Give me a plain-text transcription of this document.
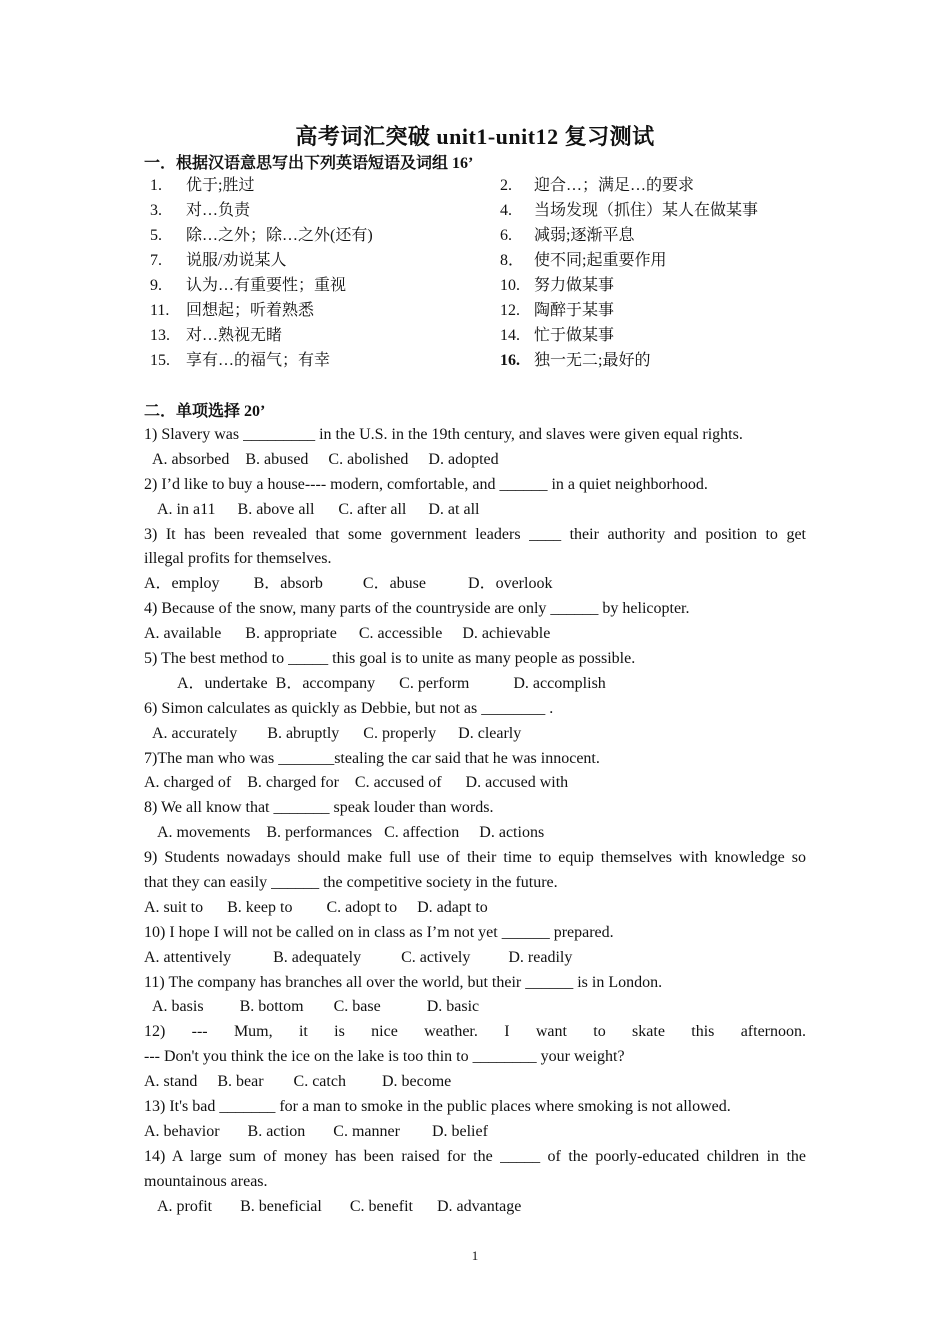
高考词汇突破 unit1-unit12 复习测试
一．根据汉语意思写出下列英语短语及词组 16’
1.	优于;胜过	2.	迎合…；满足…的要求
3.	对…负责	4.	当场发现（抓住）某人在做某事
5.	除…之外；除…之外(还有)	6.	减弱;逐渐平息
7.	说服/劝说某人	8． 使不同;起重要作用
9.	认为…有重要性；重视	10. 努力做某事
11.	回想起；听着熟悉	12. 陶醉于某事
13.	对…熟视无睹	14. 忙于做某事
15.	享有…的福气；有幸	16. 独一无二;最好的
二．单项选择 20’
1) Slavery was _________ in the U.S. in the 19th century, and slaves were given equal rights.
A. absorbed B. abused C. abolished D. adopted
2) I’d like to buy a house---- modern, comfortable, and ______ in a quiet neighborhood.
A. in a11 B. above all C. after all D. at all
3) It has been revealed that some government leaders ____ their authority and position to get
illegal profits for themselves.
A．employ B．absorb	C．abuse	D．overlook
4) Because of the snow, many parts of the countryside are only ______ by helicopter.
A. available B. appropriate C. accessible D. achievable
5) The best method to _____ this goal is to unite as many people as possible.
A．undertake B．accompany C. perform	D. accomplish
6) Simon calculates as quickly as Debbie, but not as ________ .
A. accurately B. abruptly C. properly D. clearly
7)The man who was _______stealing the car said that he was innocent.
A. charged of B. charged for C. accused of D. accused with
8) We all know that _______ speak louder than words.
A. movements B. performances C. affection D. actions
9) Students nowadays should make full use of their time to equip themselves with knowledge so
that they can easily ______ the competitive society in the future.
A. suit to B. keep to C. adopt to D. adapt to
10) I hope I will not be called on in class as I’m not yet ______ prepared.
A. attentively	B. adequately	C. actively D. readily
11) The company has branches all over the world, but their ______ is in London.
A. basis B. bottom C. base	D. basic
12) --- Mum, it is nice weather. I want to skate this afternoon.
--- Don't you think the ice on the lake is too thin to ________ your weight?
A. stand B. bear C. catch D. become
13) It's bad _______ for a man to smoke in the public places where smoking is not allowed.
A. behavior B. action C. manner D. belief
14) A large sum of money has been raised for the _____ of the poorly-educated children in the
mountainous areas.
A. profit B. beneficial C. benefit D. advantage
1
